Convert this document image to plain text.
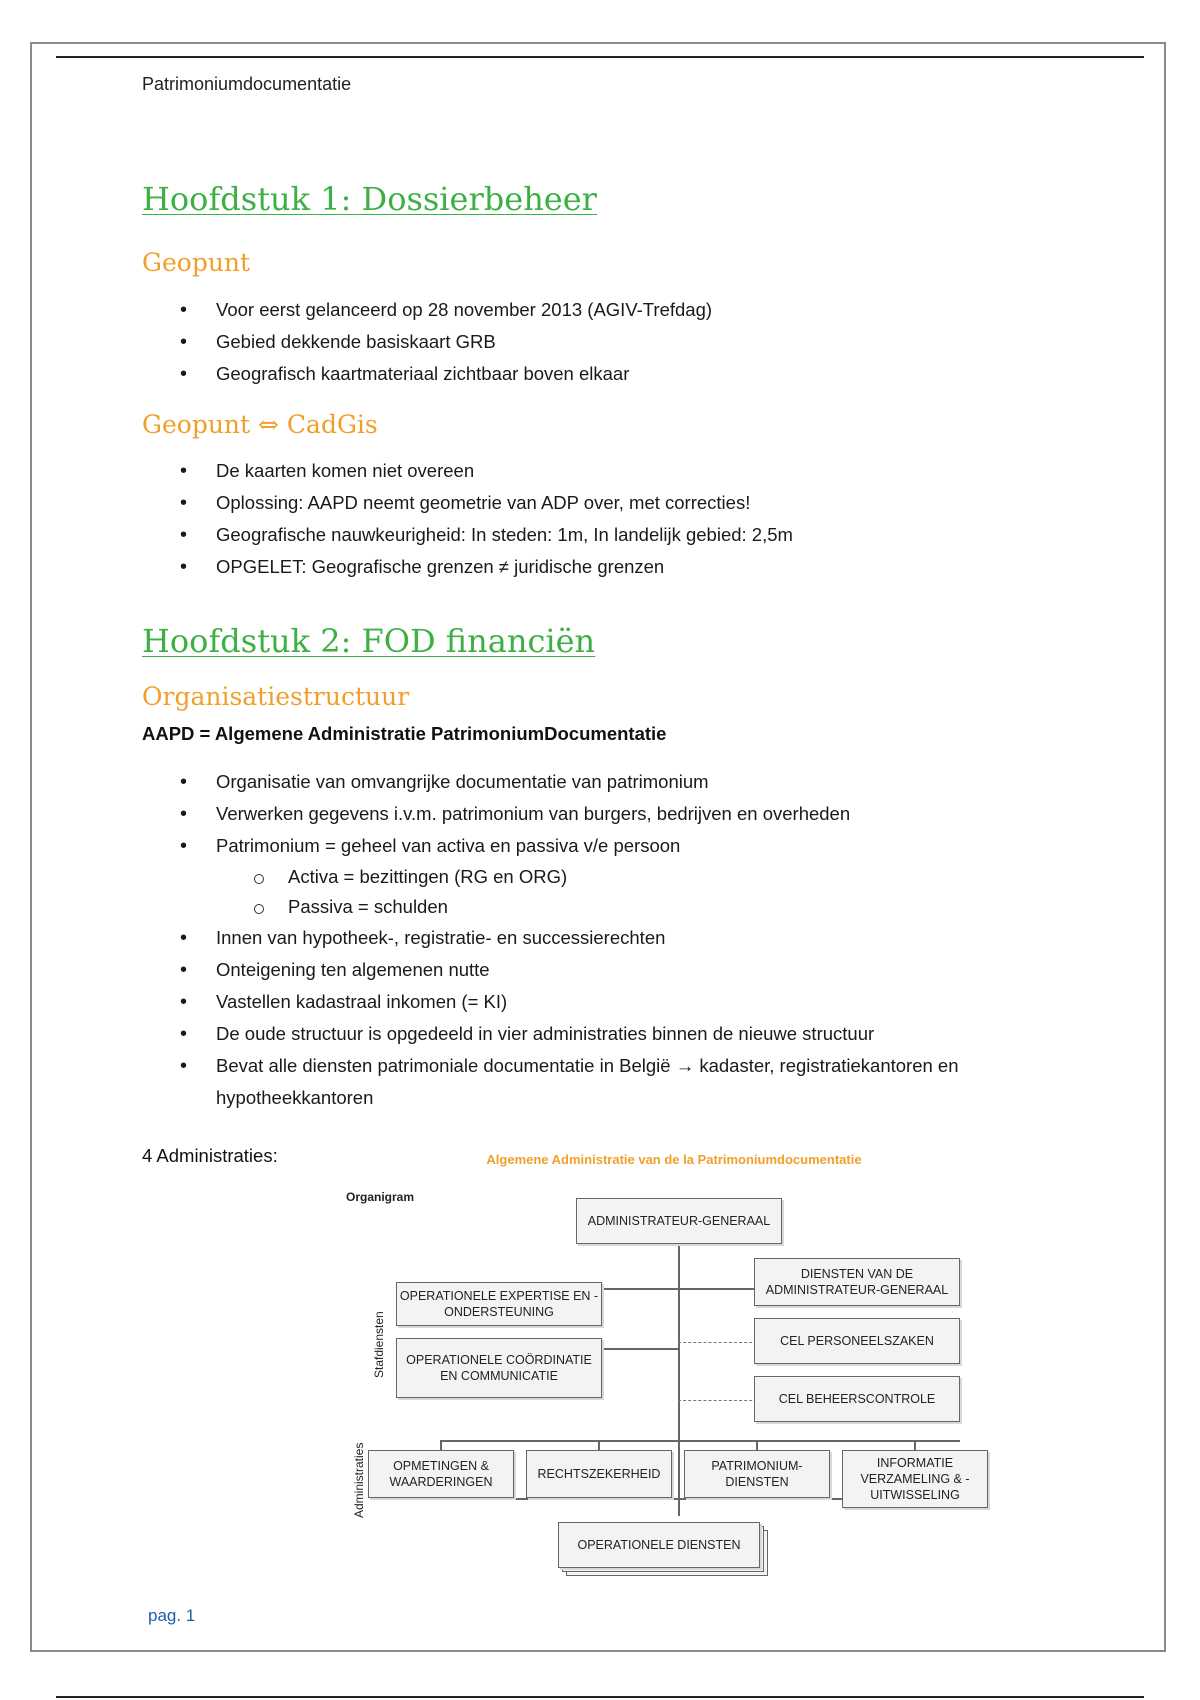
Patrimoniumdocumentatie
Hoofdstuk 1: Dossierbeheer
Geopunt
• Voor eerst gelanceerd op 28 november 2013 (AGIV-Trefdag)
• Gebied dekkende basiskaart GRB
• Geografisch kaartmateriaal zichtbaar boven elkaar
Geopunt ⇔ CadGis
• De kaarten komen niet overeen
• Oplossing: AAPD neemt geometrie van ADP over, met correcties!
• Geografische nauwkeurigheid: In steden: 1m, In landelijk gebied: 2,5m
• OPGELET: Geografische grenzen ≠ juridische grenzen
Hoofdstuk 2: FOD financiën
Organisatiestructuur
AAPD = Algemene Administratie PatrimoniumDocumentatie
• Organisatie van omvangrijke documentatie van patrimonium
• Verwerken gegevens i.v.m. patrimonium van burgers, bedrijven en overheden
• Patrimonium = geheel van activa en passiva v/e persoon
Activa = bezittingen (RG en ORG)
Passiva = schulden
• Innen van hypotheek-, registratie- en successierechten
• Onteigening ten algemenen nutte
• Vastellen kadastraal inkomen (= KI)
• De oude structuur is opgedeeld in vier administraties binnen de nieuwe structuur
• Bevat alle diensten patrimoniale documentatie in België → kadaster, registratiekantoren en hypotheekkantoren
4 Administraties:	Algemene Administratie van de la Patrimoniumdocumentatie
Organigram
ADMINISTRATEUR-GENERAAL
Stafdiensten
Administraties
OPERATIONELE EXPERTISE EN -ONDERSTEUNING
OPERATIONELE COÖRDINATIE EN COMMUNICATIE
DIENSTEN VAN DE ADMINISTRATEUR-GENERAAL
CEL PERSONEELSZAKEN
CEL BEHEERSCONTROLE
OPMETINGEN & WAARDERINGEN
RECHTSZEKERHEID
PATRIMONIUM-DIENSTEN
INFORMATIE VERZAMELING & -UITWISSELING
OPERATIONELE DIENSTEN
pag. 1
